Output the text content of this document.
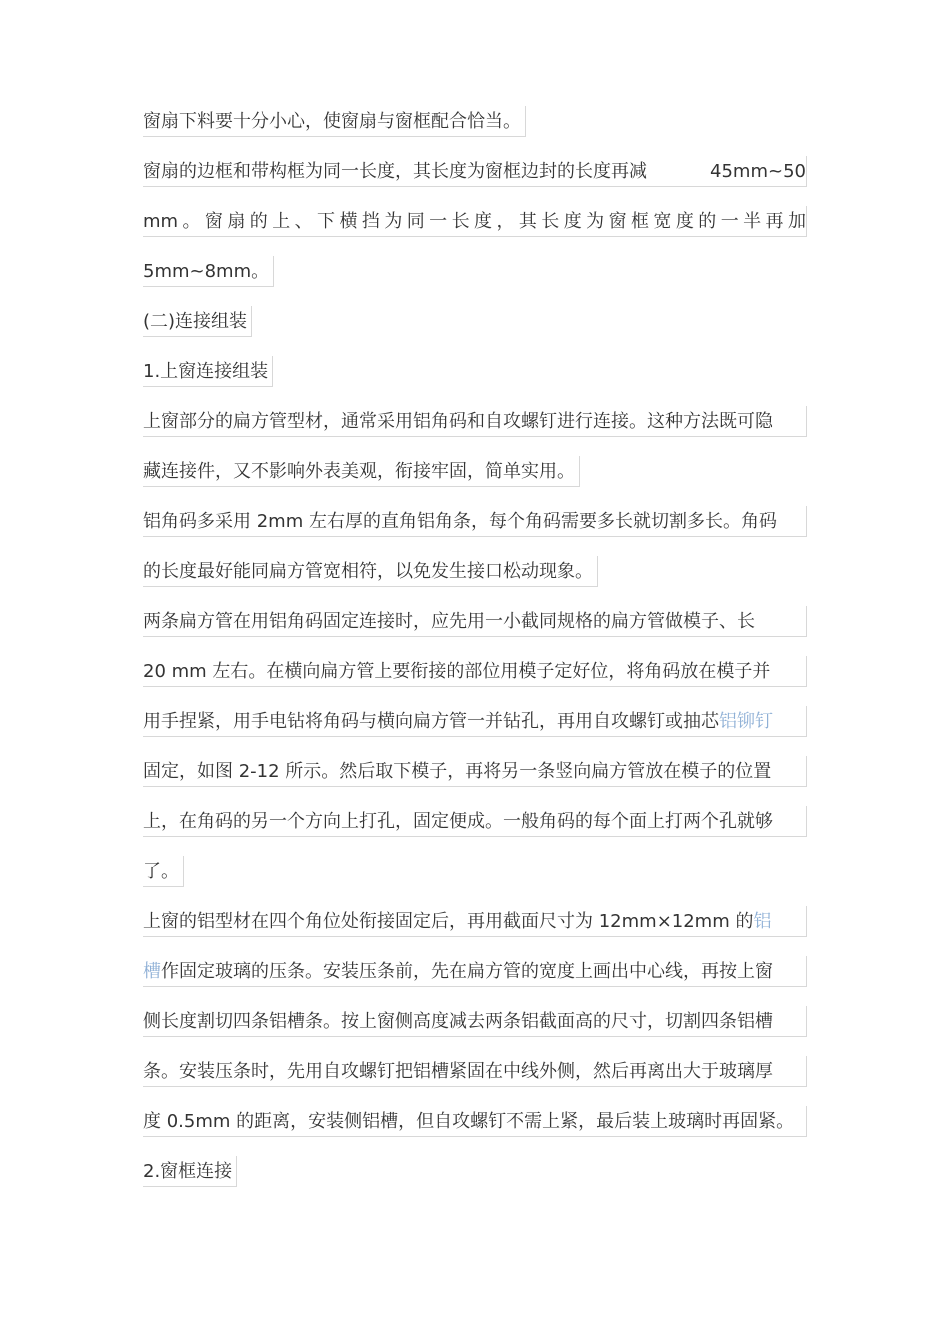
窗扇下料要十分小心，使窗扇与窗框配合恰当。
窗扇的边框和带构框为同一长度，其长度为窗框边封的长度再减	45mm~50
mm。窗扇的上、下横挡为同一长度，其长度为窗框宽度的一半再加
5mm~8mm。
(二)连接组装
1.上窗连接组装
上窗部分的扁方管型材，通常采用铝角码和自攻螺钉进行连接。这种方法既可隐
藏连接件，又不影响外表美观，衔接牢固，简单实用。
铝角码多采用 2mm 左右厚的直角铝角条，每个角码需要多长就切割多长。角码
的长度最好能同扁方管宽相符，以免发生接口松动现象。
两条扁方管在用铝角码固定连接时，应先用一小截同规格的扁方管做模子、长
20 mm 左右。在横向扁方管上要衔接的部位用模子定好位，将角码放在模子并
用手捏紧，用手电钻将角码与横向扁方管一并钻孔，再用自攻螺钉或抽芯铝铆钉
固定，如图 2-12 所示。然后取下模子，再将另一条竖向扁方管放在模子的位置
上，在角码的另一个方向上打孔，固定便成。一般角码的每个面上打两个孔就够
了。
上窗的铝型材在四个角位处衔接固定后，再用截面尺寸为 12mm×12mm 的铝
槽作固定玻璃的压条。安装压条前，先在扁方管的宽度上画出中心线，再按上窗
侧长度割切四条铝槽条。按上窗侧高度减去两条铝截面高的尺寸，切割四条铝槽
条。安装压条时，先用自攻螺钉把铝槽紧固在中线外侧，然后再离出大于玻璃厚
度 0.5mm 的距离，安装侧铝槽，但自攻螺钉不需上紧，最后装上玻璃时再固紧。
2.窗框连接
